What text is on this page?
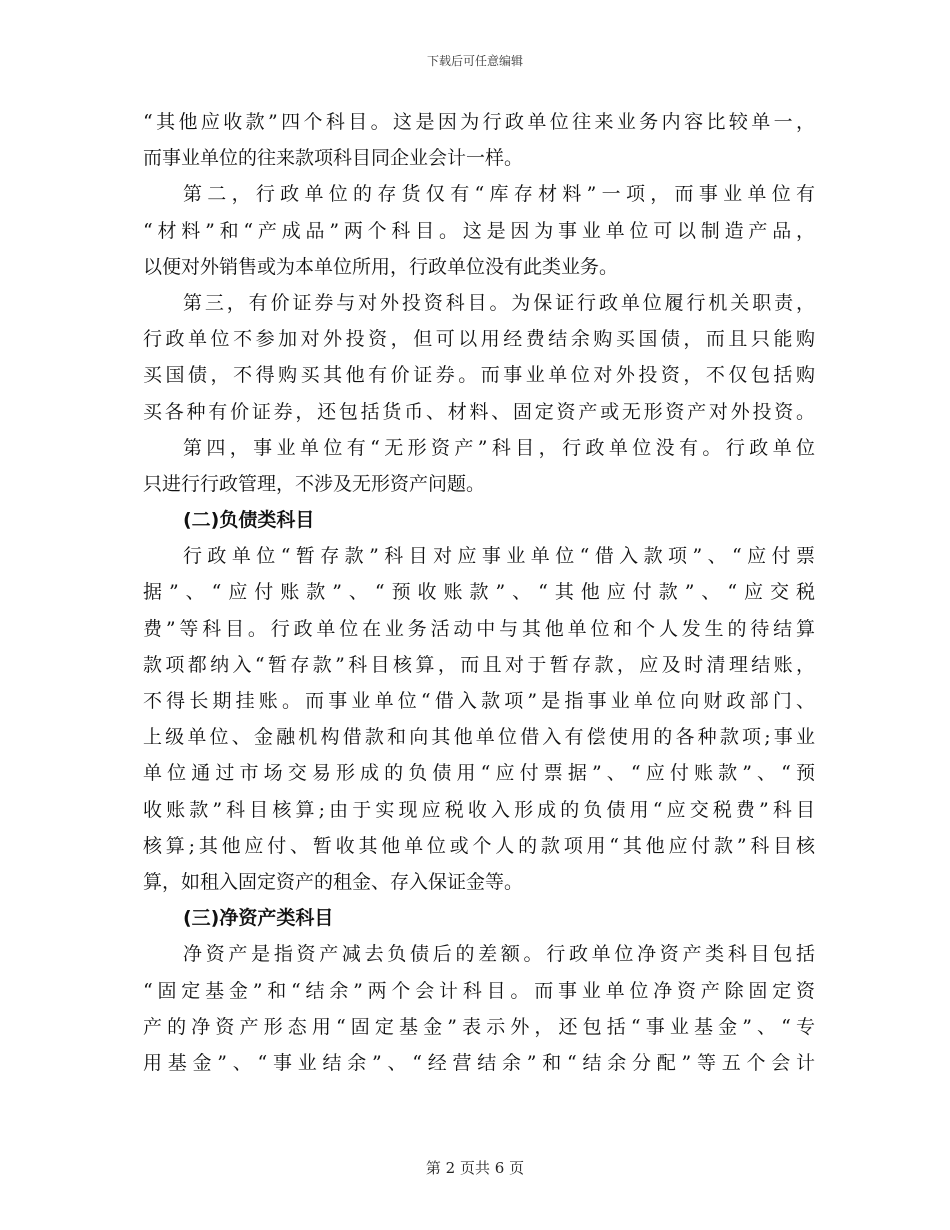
下载后可任意编辑
“其他应收款”四个科目。这是因为行政单位往来业务内容比较单一，
而事业单位的往来款项科目同企业会计一样。
第二，行政单位的存货仅有“库存材料”一项，而事业单位有
“材料”和“产成品”两个科目。这是因为事业单位可以制造产品，
以便对外销售或为本单位所用，行政单位没有此类业务。
第三，有价证券与对外投资科目。为保证行政单位履行机关职责，
行政单位不参加对外投资，但可以用经费结余购买国债，而且只能购
买国债，不得购买其他有价证券。而事业单位对外投资，不仅包括购
买各种有价证券，还包括货币、材料、固定资产或无形资产对外投资。
第四，事业单位有“无形资产”科目，行政单位没有。行政单位
只进行行政管理，不涉及无形资产问题。
(二)负债类科目
行政单位“暂存款”科目对应事业单位“借入款项”、“应付票
据”、“应付账款”、“预收账款”、“其他应付款”、“应交税
费”等科目。行政单位在业务活动中与其他单位和个人发生的待结算
款项都纳入“暂存款”科目核算，而且对于暂存款，应及时清理结账，
不得长期挂账。而事业单位“借入款项”是指事业单位向财政部门、
上级单位、金融机构借款和向其他单位借入有偿使用的各种款项;事业
单位通过市场交易形成的负债用“应付票据”、“应付账款”、“预
收账款”科目核算;由于实现应税收入形成的负债用“应交税费”科目
核算;其他应付、暂收其他单位或个人的款项用“其他应付款”科目核
算，如租入固定资产的租金、存入保证金等。
(三)净资产类科目
净资产是指资产减去负债后的差额。行政单位净资产类科目包括
“固定基金”和“结余”两个会计科目。而事业单位净资产除固定资
产的净资产形态用“固定基金”表示外，还包括“事业基金”、“专
用基金”、“事业结余”、“经营结余”和“结余分配”等五个会计
第 2 页共 6 页
